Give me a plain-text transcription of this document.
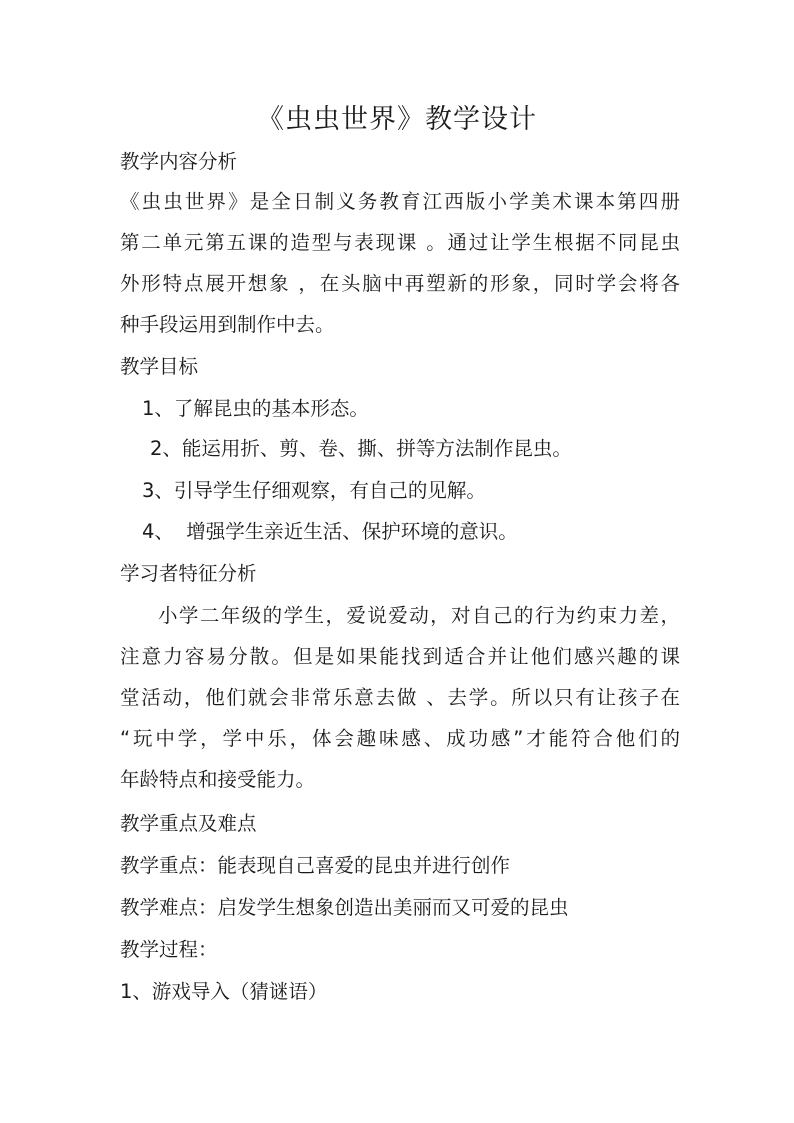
《虫虫世界》教学设计
教学内容分析
《虫虫世界》是全日制义务教育江西版小学美术课本第四册
第二单元第五课的造型与表现课 。通过让学生根据不同昆虫
外形特点展开想象 ，在头脑中再塑新的形象，同时学会将各
种手段运用到制作中去。
教学目标
1、了解昆虫的基本形态。
2、能运用折、剪、卷、撕、拼等方法制作昆虫。
3、引导学生仔细观察，有自己的见解。
4、  增强学生亲近生活、保护环境的意识。
学习者特征分析
小学二年级的学生，爱说爱动，对自己的行为约束力差，
注意力容易分散。但是如果能找到适合并让他们感兴趣的课
堂活动，他们就会非常乐意去做 、去学。所以只有让孩子在
“玩中学，学中乐，体会趣味感、成功感”才能符合他们的
年龄特点和接受能力。
教学重点及难点
教学重点：能表现自己喜爱的昆虫并进行创作
教学难点：启发学生想象创造出美丽而又可爱的昆虫
教学过程：
1、游戏导入（猜谜语）
